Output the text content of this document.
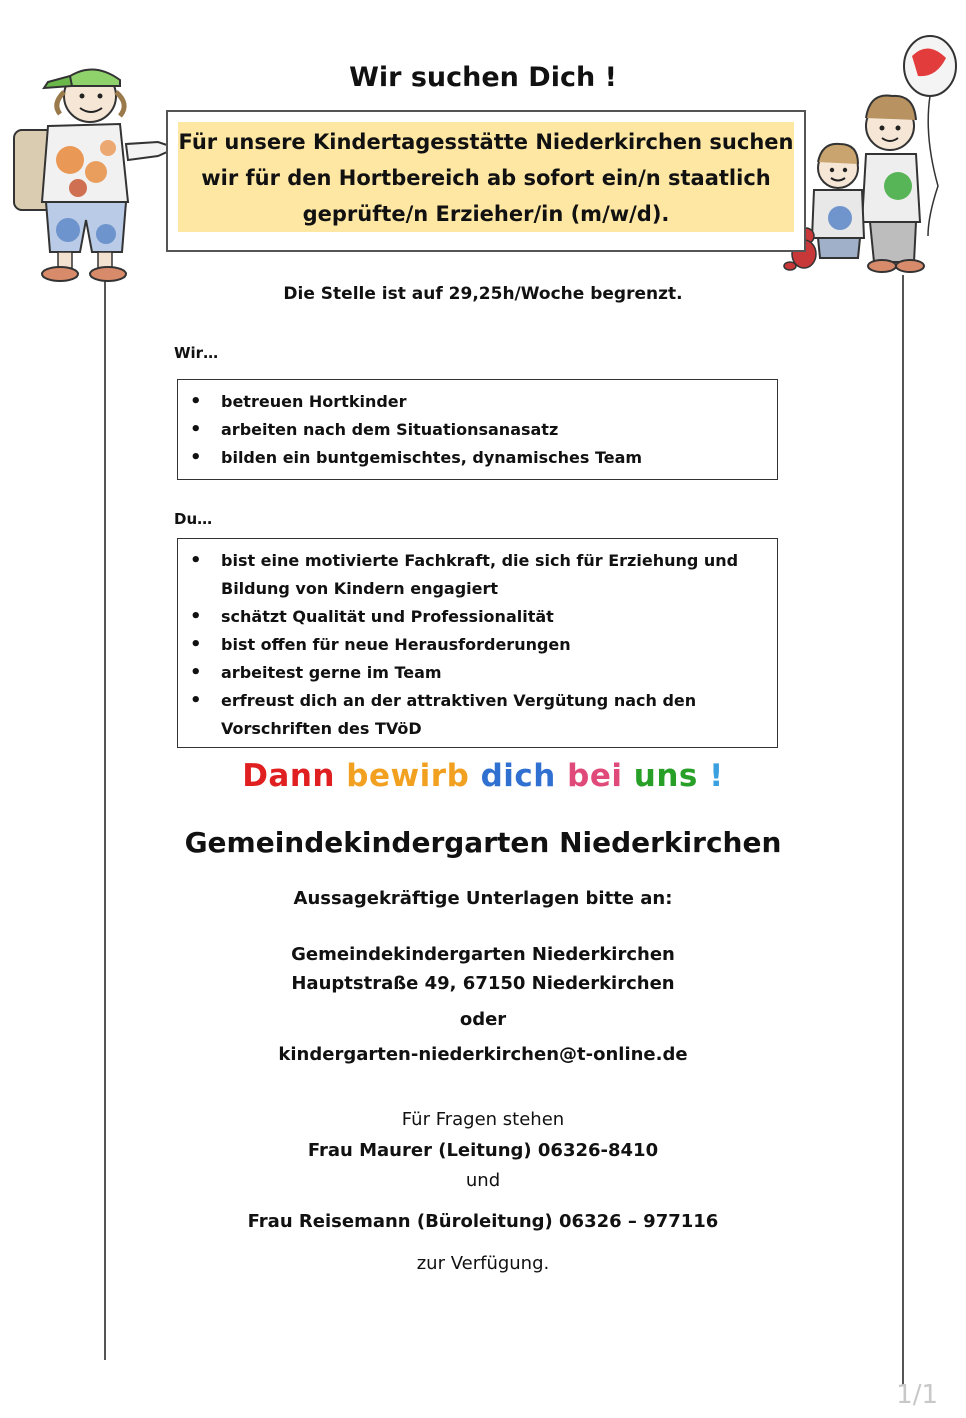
Wir suchen Dich !
Für unsere Kindertagesstätte Niederkirchen suchen
wir für den Hortbereich ab sofort ein/n staatlich
geprüfte/n Erzieher/in (m/w/d).
Die Stelle ist auf 29,25h/Woche begrenzt.
Wir…
• betreuen Hortkinder
• arbeiten nach dem Situationsanasatz
• bilden ein buntgemischtes, dynamisches Team
Du…
• bist eine motivierte Fachkraft, die sich für Erziehung und Bildung von Kindern engagiert
• schätzt Qualität und Professionalität
• bist offen für neue Herausforderungen
• arbeitest gerne im Team
• erfreust dich an der attraktiven Vergütung nach den Vorschriften des TVöD
Dann bewirb dich bei uns !
Gemeindekindergarten Niederkirchen
Aussagekräftige Unterlagen bitte an:
Gemeindekindergarten Niederkirchen
Hauptstraße 49, 67150 Niederkirchen
oder
kindergarten-niederkirchen@t-online.de
Für Fragen stehen
Frau Maurer (Leitung) 06326-8410
und
Frau Reisemann (Büroleitung) 06326 – 977116
zur Verfügung.
1/1
